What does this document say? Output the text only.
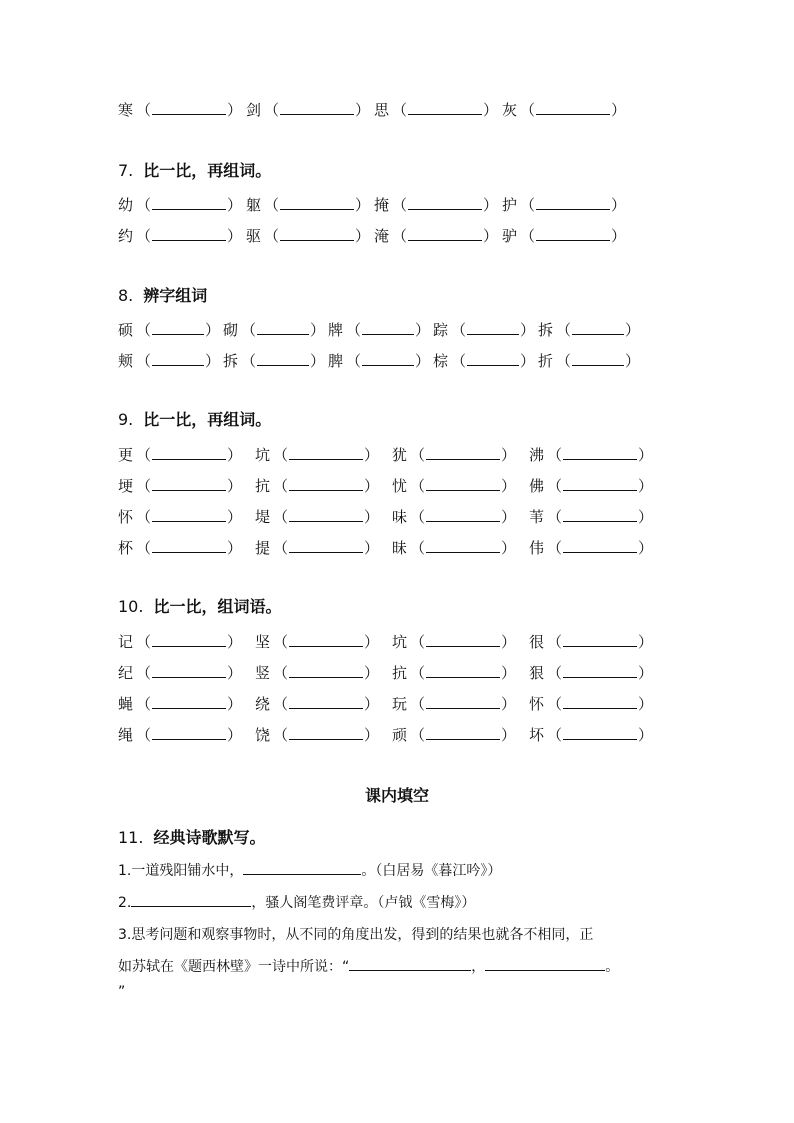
寒 （	） 剑 （	） 思 （	） 灰 （	）
7. 比一比，再组词。
幼 （	） 躯 （	） 掩 （	） 护 （	）
约 （	） 驱 （	） 淹 （	） 驴 （	）
8. 辨字组词
硕 （	） 砌 （	） 牌 （	） 踪 （	） 拆 （	）
颊 （	） 拆 （	） 脾 （	） 棕 （	） 折 （	）
9. 比一比，再组词。
更 （	） 坑 （	） 犹 （	） 沸 （	）
埂 （	） 抗 （	） 忧 （	） 佛 （	）
怀 （	） 堤 （	） 味 （	） 苇 （	）
杯 （	） 提 （	） 昧 （	） 伟 （	）
10. 比一比，组词语。
记 （	） 坚 （	） 坑 （	） 很 （	）
纪 （	） 竖 （	） 抗 （	） 狠 （	）
蝇 （	） 绕 （	） 玩 （	） 怀 （	）
绳 （	） 饶 （	） 顽 （	） 坏 （	）
课内填空
11. 经典诗歌默写。
1.一道残阳铺水中，	。（白居易《暮江吟》）
2.	，骚人阁笔费评章。（卢钺《雪梅》）
3.思考问题和观察事物时，从不同的角度出发，得到的结果也就各不相同，正
如苏轼在《题西林壁》一诗中所说：“	，	。
”
